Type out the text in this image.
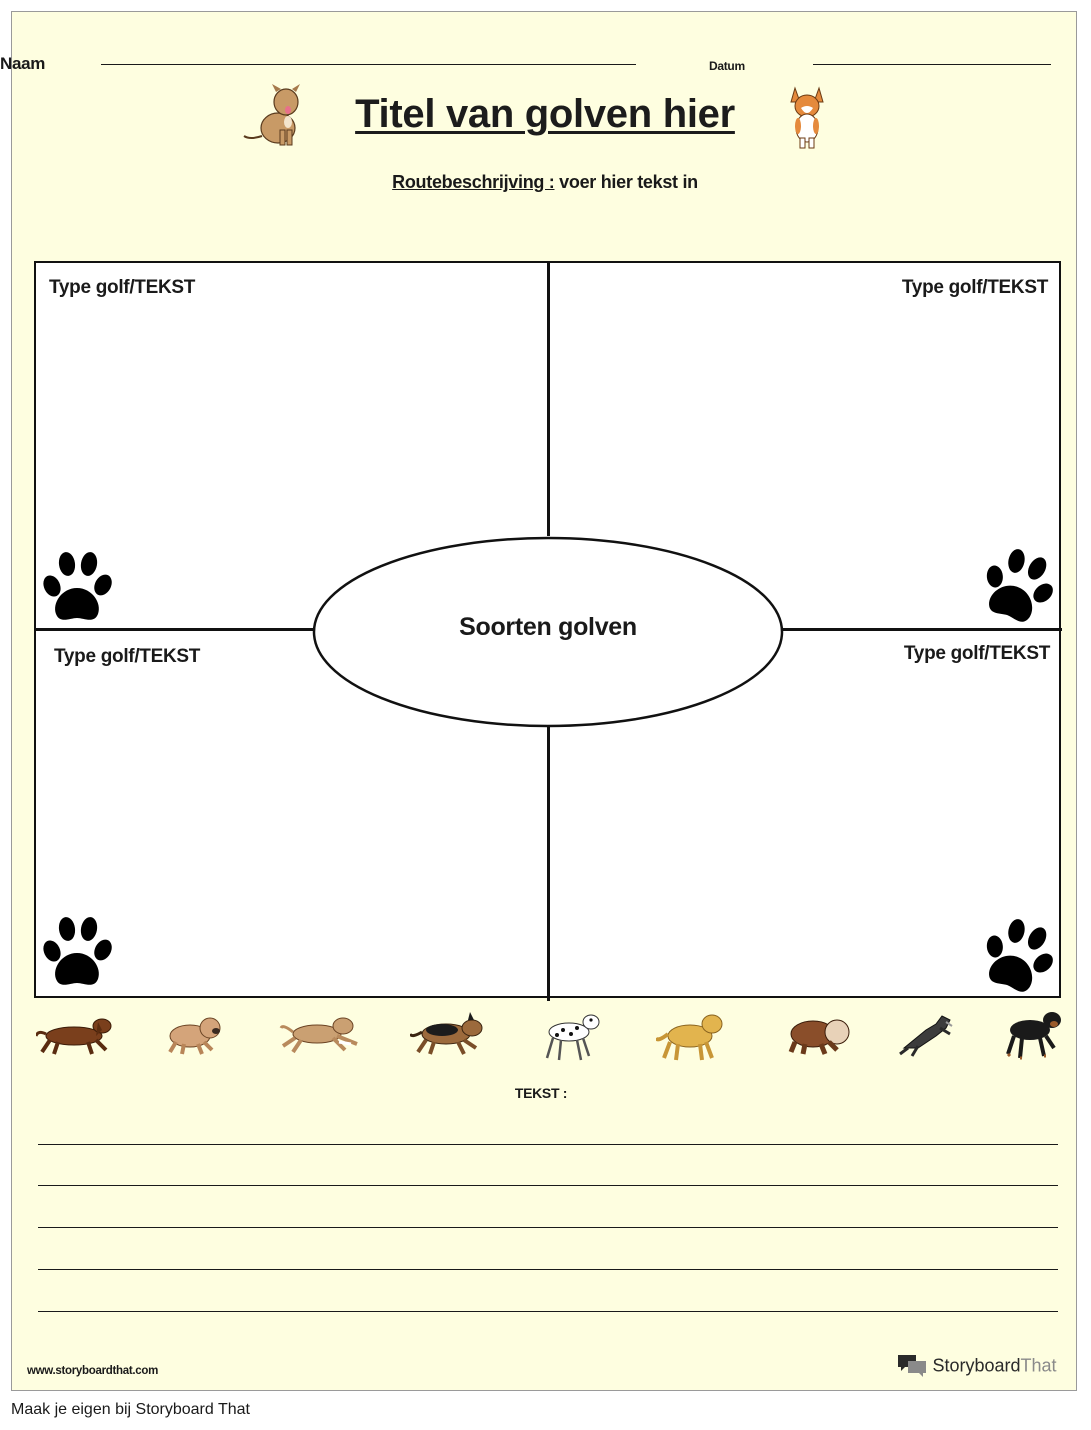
Naam	Datum
Titel van golven hier
Routebeschrijving : voer hier tekst in
Type golf/TEKST	Type golf/TEKST
Type golf/TEKST	Type golf/TEKST
Soorten golven
TEKST :
www.storyboardthat.com	StoryboardThat
Maak je eigen bij Storyboard That
